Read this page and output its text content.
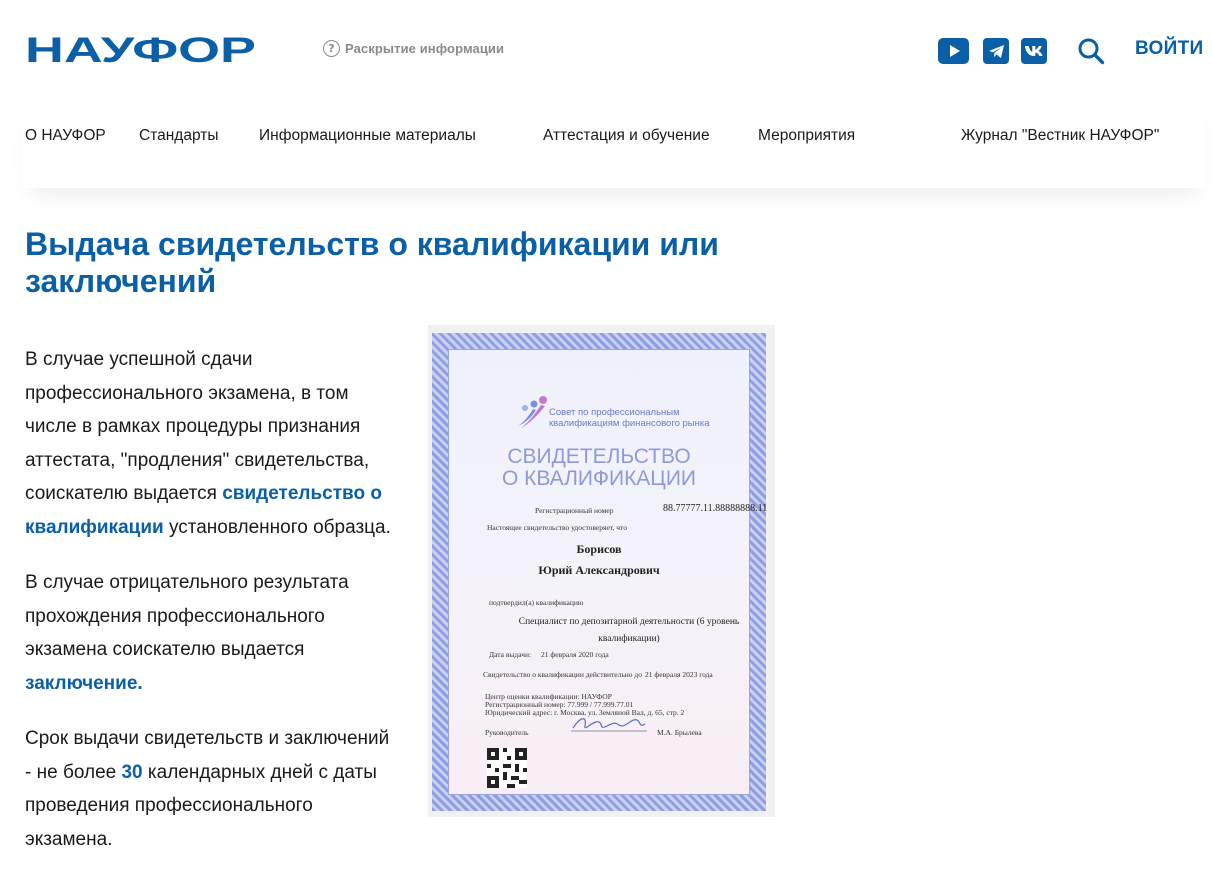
НАУФОР	? Раскрытие информации	ВОЙТИ
О НАУФОР Стандарты	Информационные материалы	Аттестация и обучение	Мероприятия	Журнал "Вестник НАУФОР"
Выдача свидетельств о квалификации или заключений

В случае успешной сдачи профессионального экзамена, в том числе в рамках процедуры признания аттестата, "продления" свидетельства, соискателю выдается свидетельство о квалификации установленного образца.

В случае отрицательного результата прохождения профессионального экзамена соискателю выдается заключение.

Срок выдачи свидетельств и заключений - не более 30 календарных дней с даты проведения профессионального экзамена.

Совет по профессиональным
квалификациям финансового рынка
СВИДЕТЕЛЬСТВО
О КВАЛИФИКАЦИИ
Регистрационный номер	88.77777.11.88888888.11
Настоящее свидетельство удостоверяет, что
Борисов
Юрий Александрович
подтвердил(а) квалификацию
Специалист по депозитарной деятельности (6 уровень
квалификации)
Дата выдачи: 21 февраля 2020 года
Свидетельство о квалификации действительно до 21 февраля 2023 года
Центр оценки квалификации: НАУФОР
Регистрационный номер: 77.999 / 77.999.77.01
Юридический адрес: г. Москва, ул. Земляной Вал, д. 65, стр. 2
Руководитель	М.А. Брылева
